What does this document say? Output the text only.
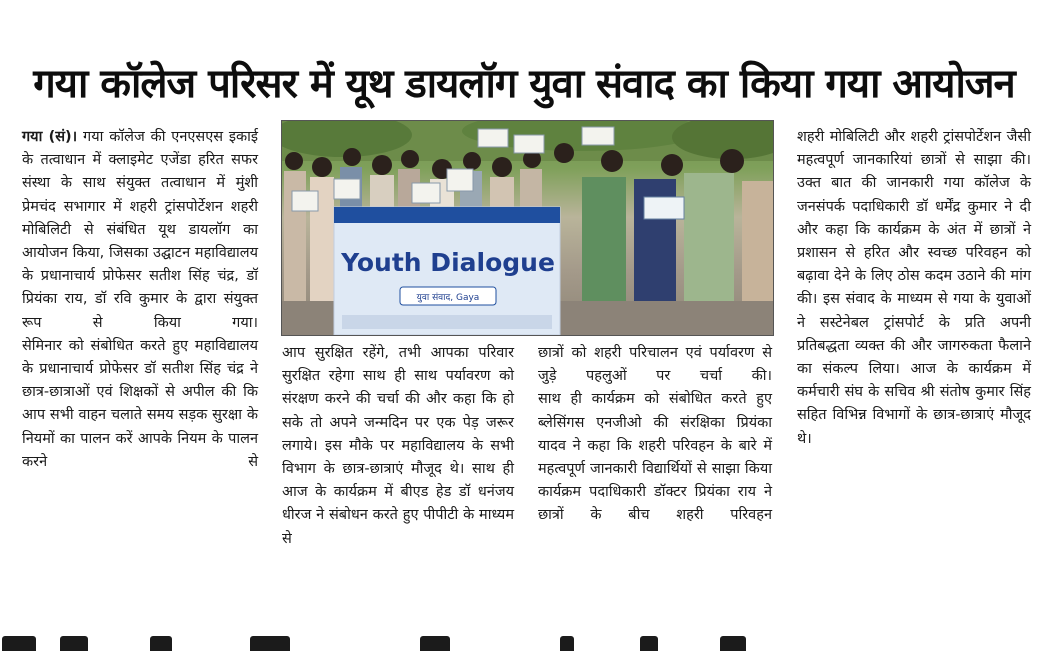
गया कॉलेज परिसर में यूथ डायलॉग युवा संवाद का किया गया आयोजन

गया (सं)। गया कॉलेज की एनएसएस इकाई के तत्वाधान में क्लाइमेट एजेंडा हरित सफर संस्था के साथ संयुक्त तत्वाधान में मुंशी प्रेमचंद सभागार में शहरी ट्रांसपोर्टेशन शहरी मोबिलिटी से संबंधित यूथ डायलॉग का आयोजन किया, जिसका उद्घाटन महाविद्यालय के प्रधानाचार्य प्रोफेसर सतीश सिंह चंद्र, डॉ प्रियंका राय, डॉ रवि कुमार के द्वारा संयुक्त रूप से किया गया।

सेमिनार को संबोधित करते हुए महाविद्यालय के प्रधानाचार्य प्रोफेसर डॉ सतीश सिंह चंद्र ने छात्र-छात्राओं एवं शिक्षकों से अपील की कि आप सभी वाहन चलाते समय सड़क सुरक्षा के नियमों का पालन करें आपके नियम के पालन करने से

Youth Dialogue
युवा संवाद, Gaya

आप सुरक्षित रहेंगे, तभी आपका परिवार सुरक्षित रहेगा साथ ही साथ पर्यावरण को संरक्षण करने की चर्चा की और कहा कि हो सके तो अपने जन्मदिन पर एक पेड़ जरूर लगाये। इस मौके पर महाविद्यालय के सभी विभाग के छात्र-छात्राएं मौजूद थे। साथ ही आज के कार्यक्रम में बीएड हेड डॉ धनंजय धीरज ने संबोधन करते हुए पीपीटी के माध्यम से

छात्रों को शहरी परिचालन एवं पर्यावरण से जुड़े पहलुओं पर चर्चा की।

साथ ही कार्यक्रम को संबोधित करते हुए ब्लेसिंगस एनजीओ की संरक्षिका प्रियंका यादव ने कहा कि शहरी परिवहन के बारे में महत्वपूर्ण जानकारी विद्यार्थियों से साझा किया कार्यक्रम पदाधिकारी डॉक्टर प्रियंका राय ने छात्रों के बीच शहरी परिवहन

शहरी मोबिलिटी और शहरी ट्रांसपोर्टेशन जैसी महत्वपूर्ण जानकारियां छात्रों से साझा की। उक्त बात की जानकारी गया कॉलेज के जनसंपर्क पदाधिकारी डॉ धर्मेंद्र कुमार ने दी और कहा कि कार्यक्रम के अंत में छात्रों ने प्रशासन से हरित और स्वच्छ परिवहन को बढ़ावा देने के लिए ठोस कदम उठाने की मांग की। इस संवाद के माध्यम से गया के युवाओं ने सस्टेनेबल ट्रांसपोर्ट के प्रति अपनी प्रतिबद्धता व्यक्त की और जागरुकता फैलाने का संकल्प लिया। आज के कार्यक्रम में कर्मचारी संघ के सचिव श्री संतोष कुमार सिंह सहित विभिन्न विभागों के छात्र-छात्राएं मौजूद थे।
